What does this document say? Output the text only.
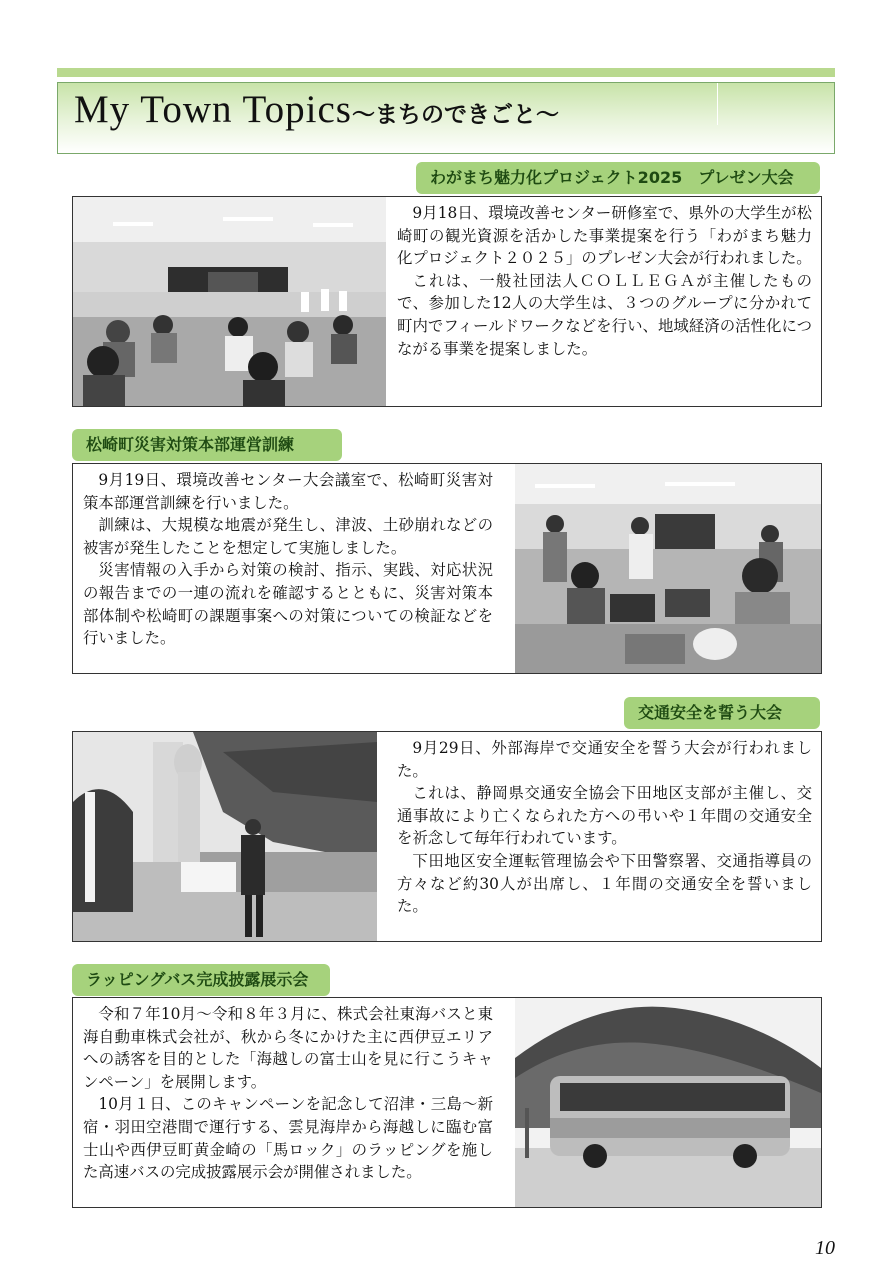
My Town Topics～まちのできごと～
わがまち魅力化プロジェクト2025　プレゼン大会

9月18日、環境改善センター研修室で、県外の大学生が松崎町の観光資源を活かした事業提案を行う「わがまち魅力化プロジェクト２０２５」のプレゼン大会が行われました。

これは、一般社団法人ＣＯＬＬＥＧＡが主催したもので、参加した12人の大学生は、３つのグループに分かれて町内でフィールドワークなどを行い、地域経済の活性化につながる事業を提案しました。

松崎町災害対策本部運営訓練

9月19日、環境改善センター大会議室で、松崎町災害対策本部運営訓練を行いました。

訓練は、大規模な地震が発生し、津波、土砂崩れなどの被害が発生したことを想定して実施しました。

災害情報の入手から対策の検討、指示、実践、対応状況の報告までの一連の流れを確認するとともに、災害対策本部体制や松崎町の課題事案への対策についての検証などを行いました。

交通安全を誓う大会

9月29日、外部海岸で交通安全を誓う大会が行われました。

これは、静岡県交通安全協会下田地区支部が主催し、交通事故により亡くなられた方への弔いや１年間の交通安全を祈念して毎年行われています。

下田地区安全運転管理協会や下田警察署、交通指導員の方々など約30人が出席し、１年間の交通安全を誓いました。

ラッピングバス完成披露展示会

令和７年10月～令和８年３月に、株式会社東海バスと東海自動車株式会社が、秋から冬にかけた主に西伊豆エリアへの誘客を目的とした「海越しの富士山を見に行こうキャンペーン」を展開します。

10月１日、このキャンペーンを記念して沼津・三島～新宿・羽田空港間で運行する、雲見海岸から海越しに臨む富士山や西伊豆町黄金崎の「馬ロック」のラッピングを施した高速バスの完成披露展示会が開催されました。

10
